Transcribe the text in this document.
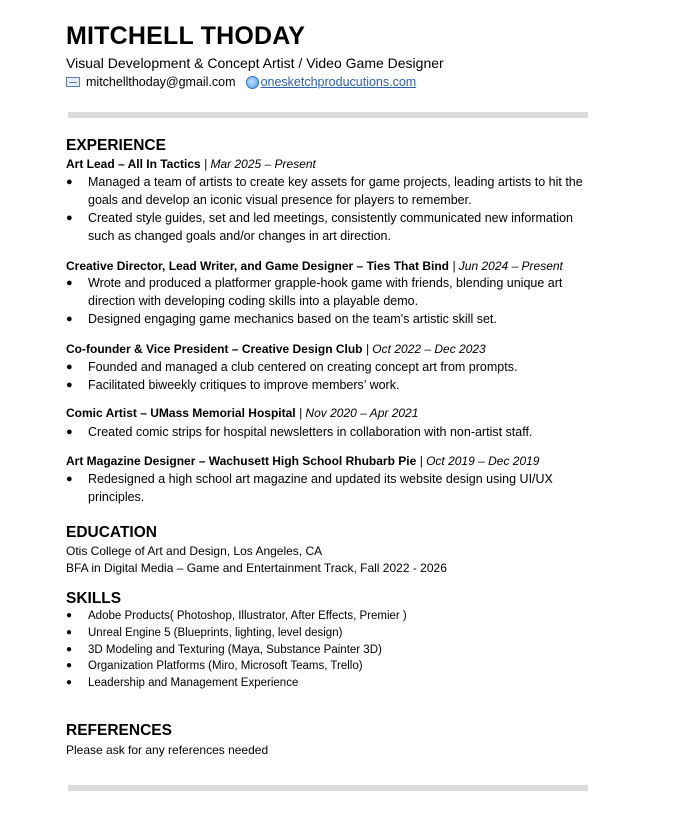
MITCHELL THODAY
Visual Development & Concept Artist / Video Game Designer
mitchellthoday@gmail.com onesketchproducutions.com
EXPERIENCE
Art Lead – All In Tactics | Mar 2025 – Present
● Managed a team of artists to create key assets for game projects, leading artists to hit the goals and develop an iconic visual presence for players to remember.
● Created style guides, set and led meetings, consistently communicated new information such as changed goals and/or changes in art direction.
Creative Director, Lead Writer, and Game Designer – Ties That Bind | Jun 2024 – Present
● Wrote and produced a platformer grapple-hook game with friends, blending unique art direction with developing coding skills into a playable demo.
● Designed engaging game mechanics based on the team's artistic skill set.
Co-founder & Vice President – Creative Design Club | Oct 2022 – Dec 2023
● Founded and managed a club centered on creating concept art from prompts.
● Facilitated biweekly critiques to improve members’ work.
Comic Artist – UMass Memorial Hospital | Nov 2020 – Apr 2021
● Created comic strips for hospital newsletters in collaboration with non-artist staff.
Art Magazine Designer – Wachusett High School Rhubarb Pie | Oct 2019 – Dec 2019
● Redesigned a high school art magazine and updated its website design using UI/UX principles.
EDUCATION
Otis College of Art and Design, Los Angeles, CA
BFA in Digital Media – Game and Entertainment Track, Fall 2022 - 2026
SKILLS
● Adobe Products( Photoshop, Illustrator, After Effects, Premier )
● Unreal Engine 5 (Blueprints, lighting, level design)
● 3D Modeling and Texturing (Maya, Substance Painter 3D)
● Organization Platforms (Miro, Microsoft Teams, Trello)
● Leadership and Management Experience
REFERENCES
Please ask for any references needed
